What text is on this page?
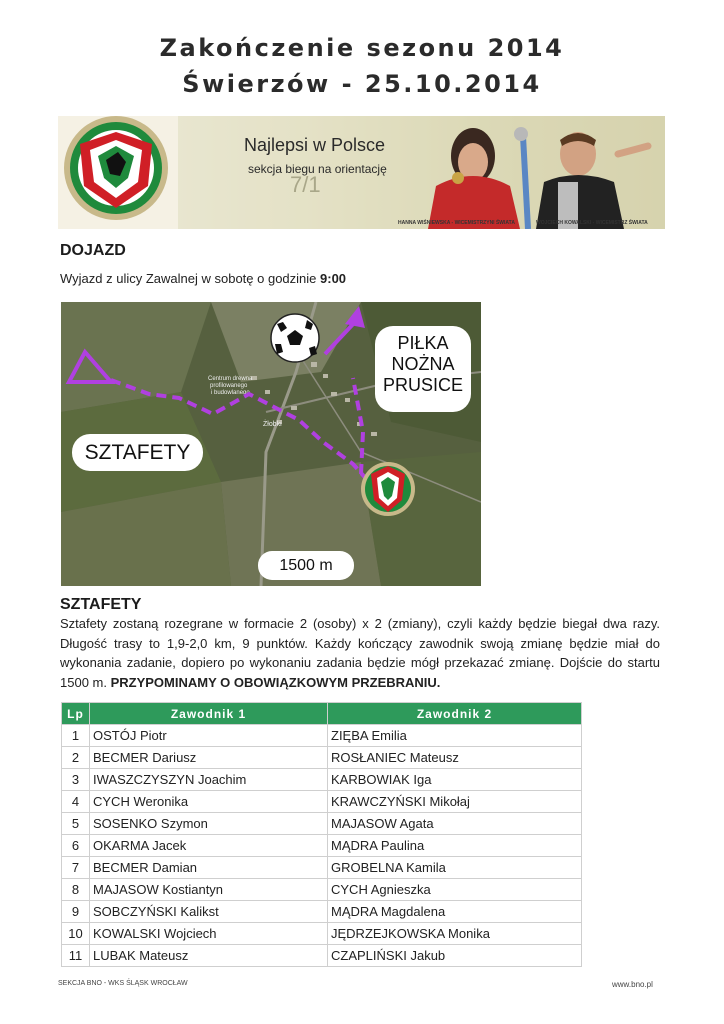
Zakończenie sezonu 2014
Świerzów - 25.10.2014
7/1
Najlepsi w Polsce
sekcja biegu na orientację
HANNA WIŚNIEWSKA - WICEMISTRZYNI ŚWIATA	WOJCIECH KOWALSKI - WICEMISTRZ ŚWIATA
DOJAZD
Wyjazd z ulicy Zawalnej w sobotę o godzinie 9:00
Centrum drewna
profilowanego
i budowlanego
Żłobki
PIŁKA
NOŻNA
PRUSICE
SZTAFETY
1500 m
SZTAFETY
Sztafety zostaną rozegrane w formacie 2 (osoby) x 2 (zmiany), czyli każdy będzie biegał dwa razy. Długość trasy to 1,9-2,0 km, 9 punktów. Każdy kończący zawodnik swoją zmianę będzie miał do wykonania zadanie, dopiero po wykonaniu zadania będzie mógł przekazać zmianę. Dojście do startu 1500 m. PRZYPOMINAMY O OBOWIĄZKOWYM PRZEBRANIU.
Lp	Zawodnik 1	Zawodnik 2
1	OSTÓJ Piotr	ZIĘBA Emilia
2	BECMER Dariusz	ROSŁANIEC Mateusz
3	IWASZCZYSZYN Joachim	KARBOWIAK Iga
4	CYCH Weronika	KRAWCZYŃSKI Mikołaj
5	SOSENKO Szymon	MAJASOW Agata
6	OKARMA Jacek	MĄDRA Paulina
7	BECMER Damian	GROBELNA Kamila
8	MAJASOW Kostiantyn	CYCH Agnieszka
9	SOBCZYŃSKI Kalikst	MĄDRA Magdalena
10	KOWALSKI Wojciech	JĘDRZEJKOWSKA Monika
11	LUBAK Mateusz	CZAPLIŃSKI Jakub
SEKCJA BNO - WKS ŚLĄSK WROCŁAW	www.bno.pl
